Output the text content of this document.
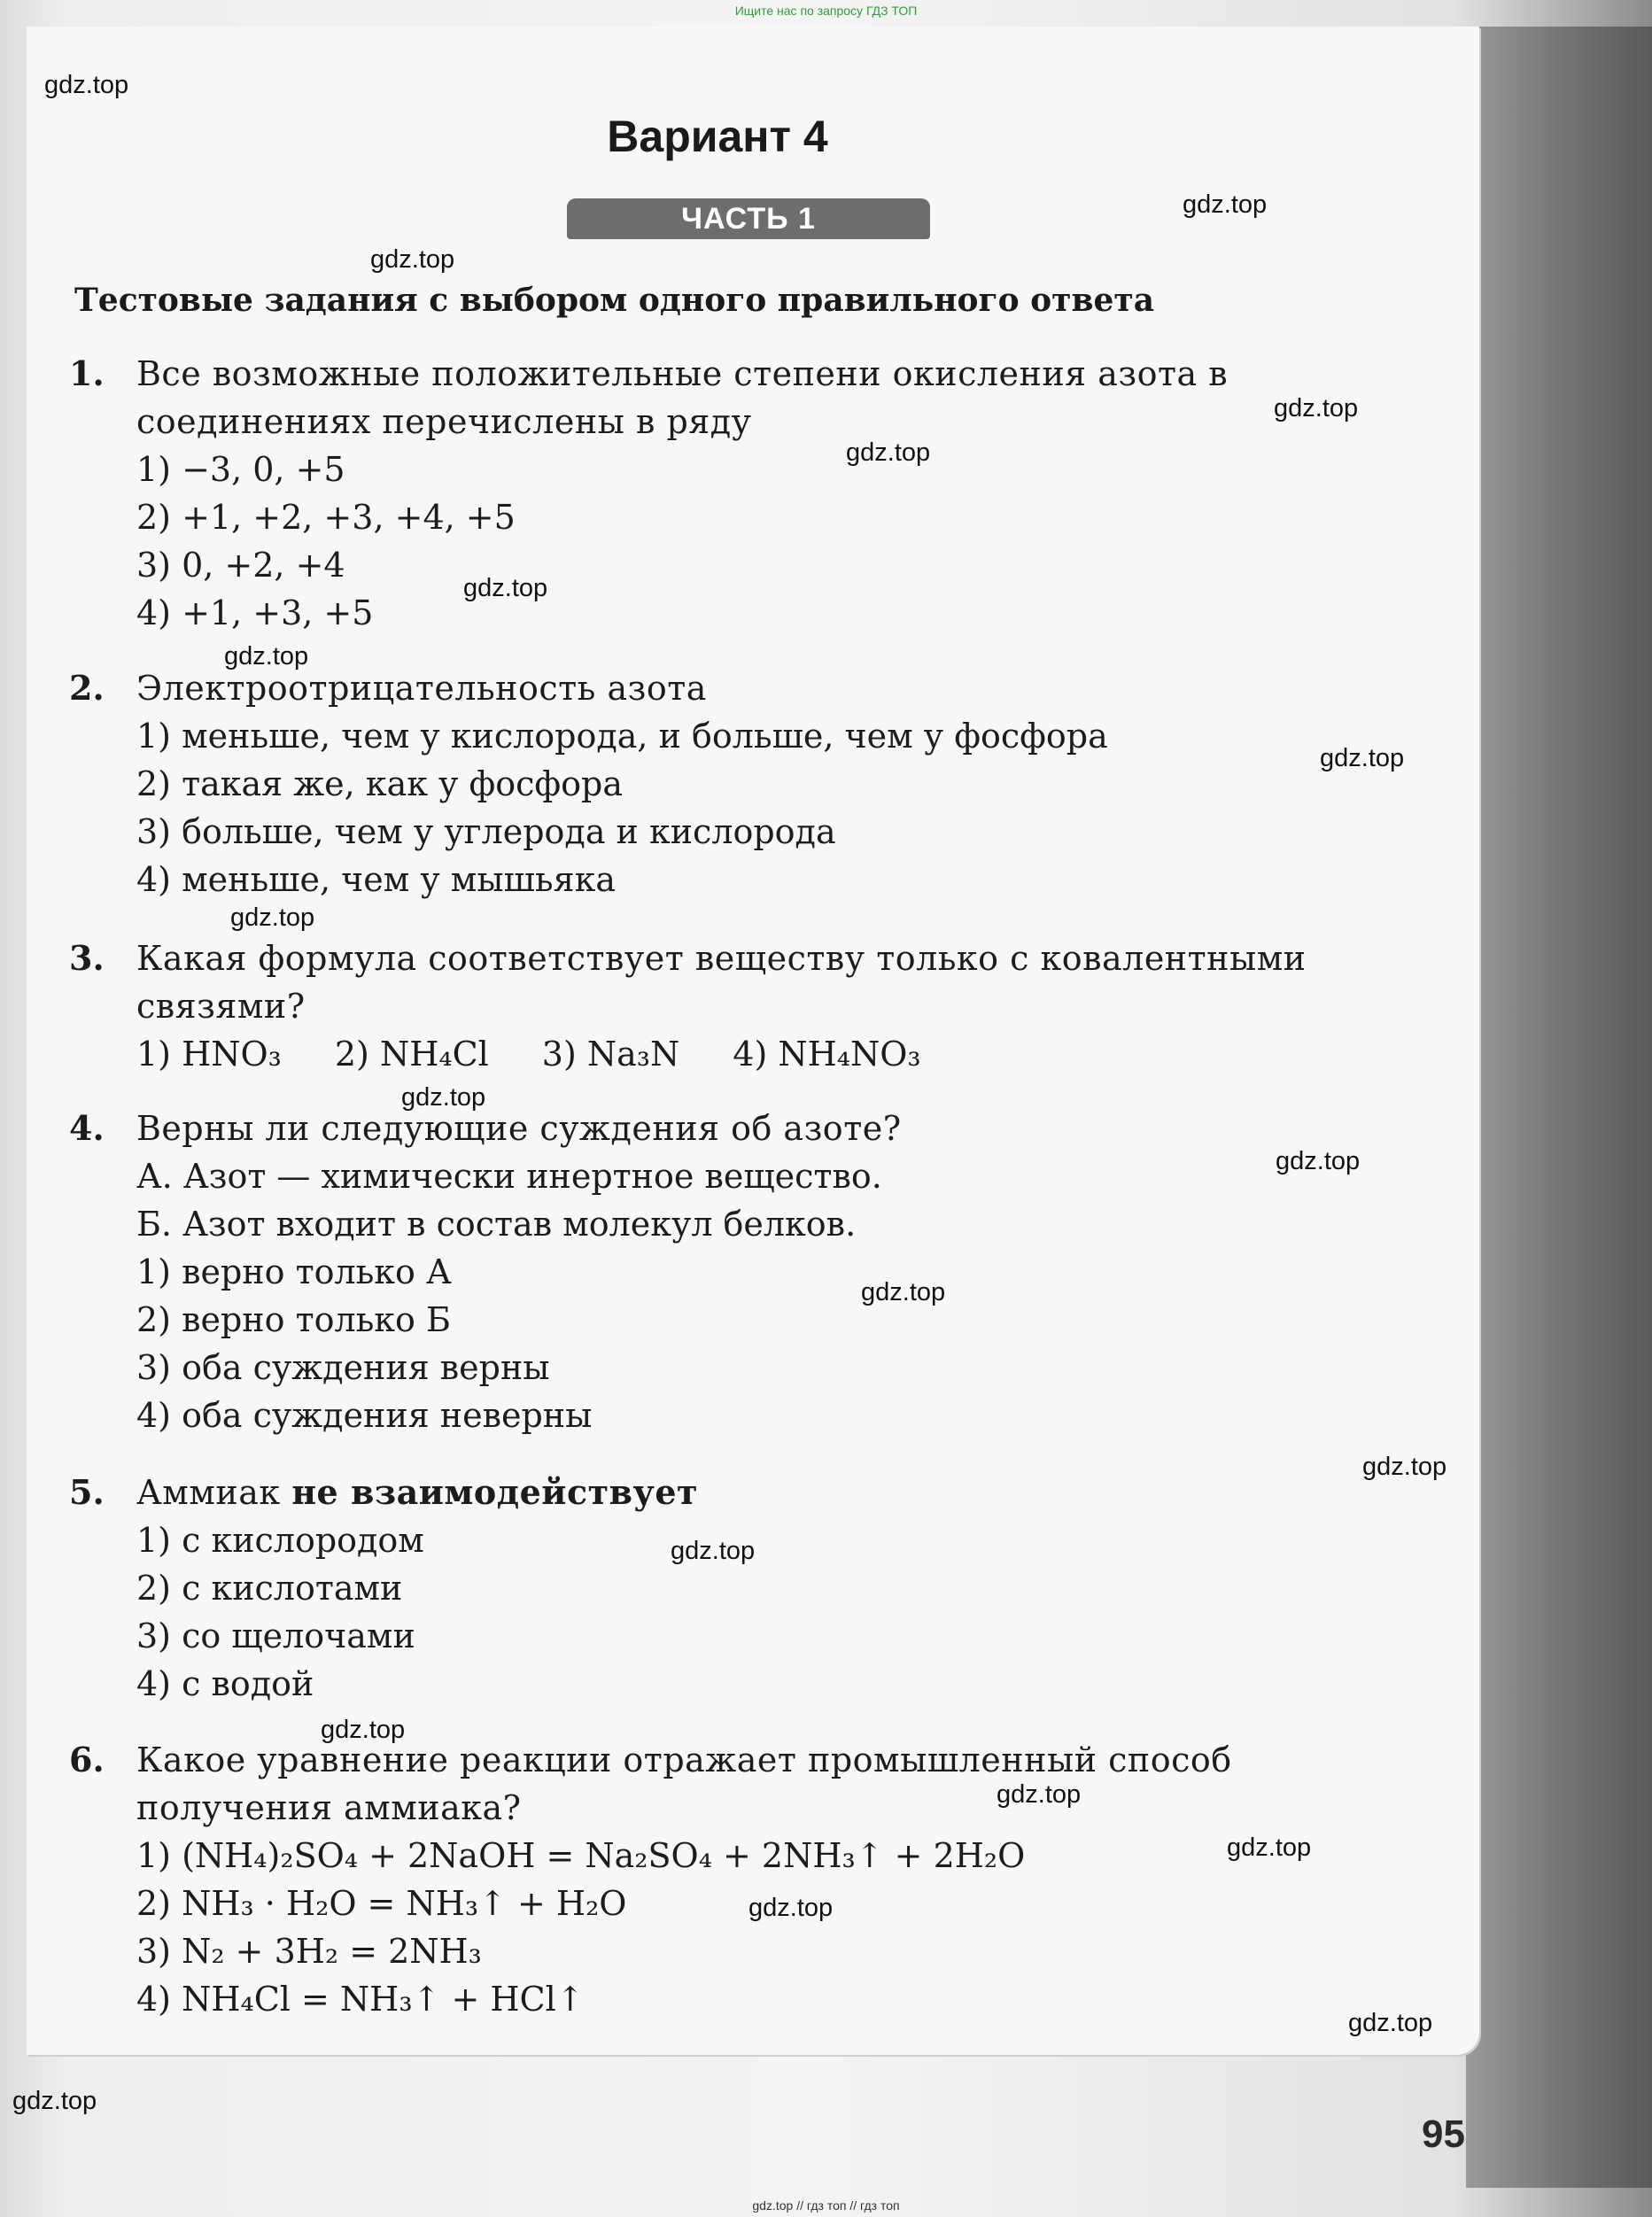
Ищите нас по запросу ГДЗ ТОП
Вариант 4
ЧАСТЬ 1
Тестовые задания с выбором одного правильного ответа
1. Все возможные положительные степени окисления азота в соединениях перечислены в ряду
1) −3, 0, +5
2) +1, +2, +3, +4, +5
3) 0, +2, +4
4) +1, +3, +5
2. Электроотрицательность азота
1) меньше, чем у кислорода, и больше, чем у фосфора
2) такая же, как у фосфора
3) больше, чем у углерода и кислорода
4) меньше, чем у мышьяка
3. Какая формула соответствует веществу только с ковалентными связями?
1) HNO₃ 2) NH₄Cl 3) Na₃N 4) NH₄NO₃
4. Верны ли следующие суждения об азоте?
А. Азот — химически инертное вещество.
Б. Азот входит в состав молекул белков.
1) верно только А
2) верно только Б
3) оба суждения верны
4) оба суждения неверны
5. Аммиак не взаимодействует
1) с кислородом
2) с кислотами
3) со щелочами
4) с водой
6. Какое уравнение реакции отражает промышленный способ получения аммиака?
1) (NH₄)₂SO₄ + 2NaOH = Na₂SO₄ + 2NH₃↑ + 2H₂O
2) NH₃ · H₂O = NH₃↑ + H₂O
3) N₂ + 3H₂ = 2NH₃
4) NH₄Cl = NH₃↑ + HCl↑
95
gdz.top
gdz.top
gdz.top
gdz.top
gdz.top
gdz.top
gdz.top
gdz.top
gdz.top
gdz.top
gdz.top
gdz.top
gdz.top
gdz.top
gdz.top
gdz.top
gdz.top
gdz.top
gdz.top
gdz.top
gdz.top // гдз топ // гдз топ
